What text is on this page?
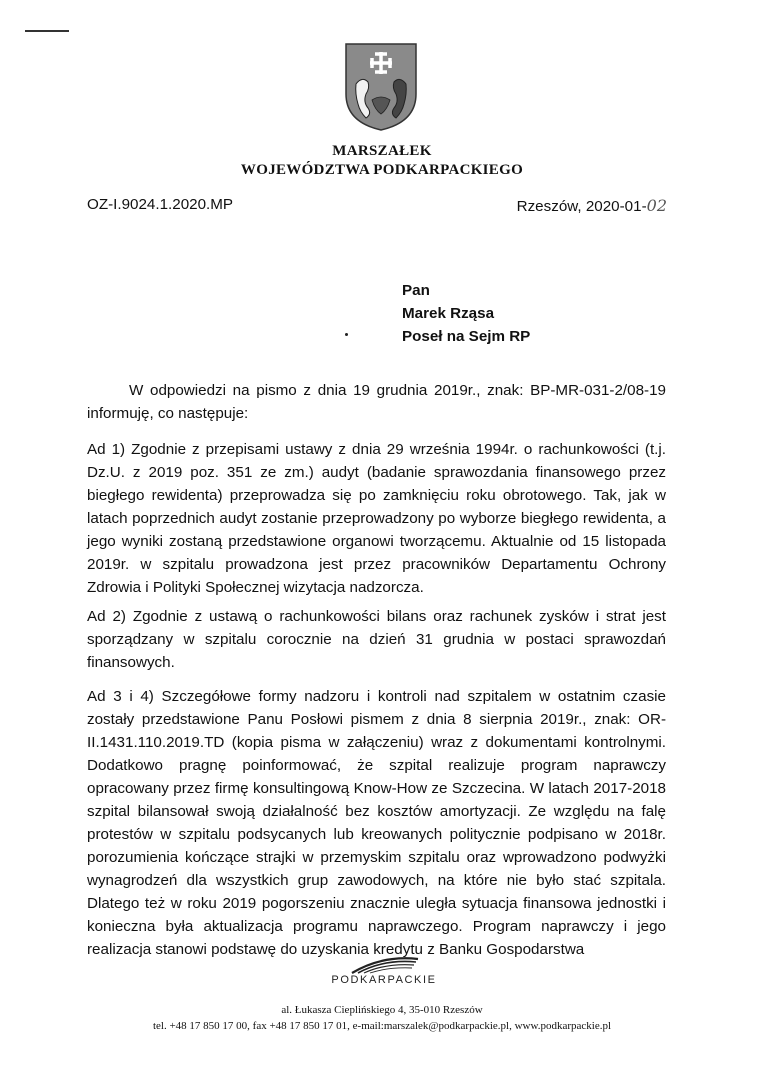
MARSZAŁEK
WOJEWÓDZTWA PODKARPACKIEGO
OZ-I.9024.1.2020.MP	Rzeszów, 2020-01-02
Pan
Marek Rząsa
Poseł na Sejm RP

W odpowiedzi na pismo z dnia 19 grudnia 2019r., znak: BP-MR-031-2/08-19 informuję, co następuje:

Ad 1) Zgodnie z przepisami ustawy z dnia 29 września 1994r. o rachunkowości (t.j. Dz.U. z 2019 poz. 351 ze zm.) audyt (badanie sprawozdania finansowego przez biegłego rewidenta) przeprowadza się po zamknięciu roku obrotowego. Tak, jak w latach poprzednich audyt zostanie przeprowadzony po wyborze biegłego rewidenta, a jego wyniki zostaną przedstawione organowi tworzącemu. Aktualnie od 15 listopada 2019r. w szpitalu prowadzona jest przez pracowników Departamentu Ochrony Zdrowia i Polityki Społecznej wizytacja nadzorcza.

Ad 2) Zgodnie z ustawą o rachunkowości bilans oraz rachunek zysków i strat jest sporządzany w szpitalu corocznie na dzień 31 grudnia w postaci sprawozdań finansowych.

Ad 3 i 4) Szczegółowe formy nadzoru i kontroli nad szpitalem w ostatnim czasie zostały przedstawione Panu Posłowi pismem z dnia 8 sierpnia 2019r., znak: OR-II.1431.110.2019.TD (kopia pisma w załączeniu) wraz z dokumentami kontrolnymi. Dodatkowo pragnę poinformować, że szpital realizuje program naprawczy opracowany przez firmę konsultingową Know-How ze Szczecina. W latach 2017-2018 szpital bilansował swoją działalność bez kosztów amortyzacji. Ze względu na falę protestów w szpitalu podsycanych lub kreowanych politycznie podpisano w 2018r. porozumienia kończące strajki w przemyskim szpitalu oraz wprowadzono podwyżki wynagrodzeń dla wszystkich grup zawodowych, na które nie było stać szpitala. Dlatego też w roku 2019 pogorszeniu znacznie uległa sytuacja finansowa jednostki i konieczna była aktualizacja programu naprawczego. Program naprawczy i jego realizacja stanowi podstawę do uzyskania kredytu z Banku Gospodarstwa

PODKARPACKIE
al. Łukasza Cieplińskiego 4, 35-010 Rzeszów
tel. +48 17 850 17 00, fax +48 17 850 17 01, e-mail:marszalek@podkarpackie.pl, www.podkarpackie.pl
